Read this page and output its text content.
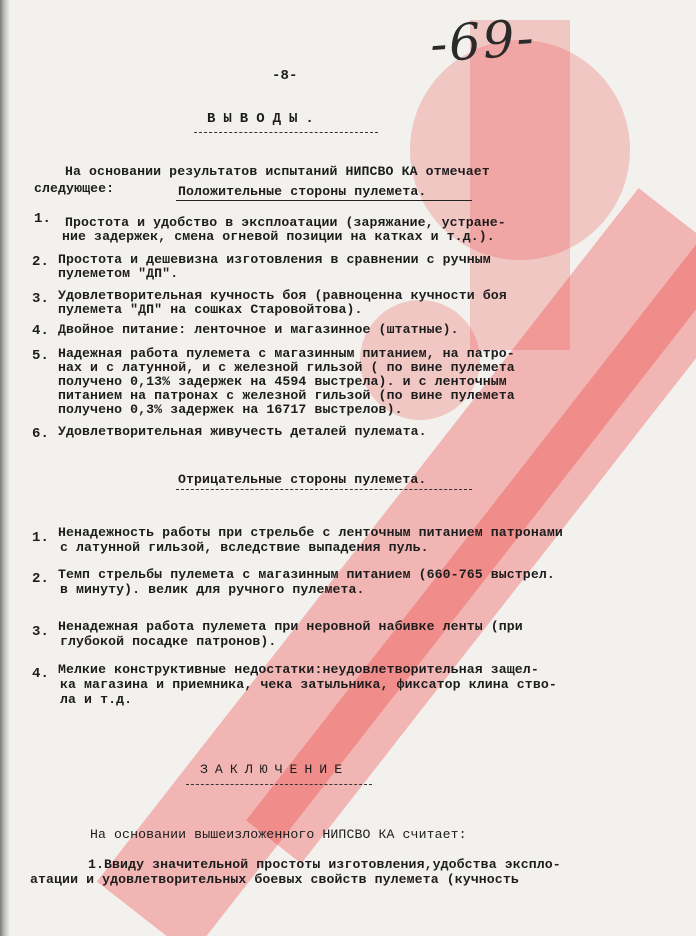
-69-
-8-
ВЫВОДЫ.
На основании результатов испытаний НИПСВО КА отмечает
следующее:	Положительные стороны пулемета.
1. Простота и удобство в эксплоатации (заряжание, устране-
ние задержек, смена огневой позиции на катках и т.д.).
2. Простота и дешевизна изготовления в сравнении с ручным
пулеметом "ДП".
3. Удовлетворительная кучность боя (равноценна кучности боя
пулемета "ДП" на сошках Старовойтова).
4. Двойное питание: ленточное и магазинное (штатные).
5. Надежная работа пулемета с магазинным питанием, на патро-
нах и с латунной, и с железной гильзой ( по вине пулемета
получено 0,13% задержек на 4594 выстрела). и с ленточным
питанием на патронах с железной гильзой (по вине пулемета
получено 0,3% задержек на 16717 выстрелов).
6. Удовлетворительная живучесть деталей пулемата.
Отрицательные стороны пулемета.
1. Ненадежность работы при стрельбе с ленточным питанием патронами
с латунной гильзой, вследствие выпадения пуль.
2. Темп стрельбы пулемета с магазинным питанием (660-765 выстрел.
в минуту). велик для ручного пулемета.
3. Ненадежная работа пулемета при неровной набивке ленты (при
глубокой посадке патронов).
4. Мелкие конструктивные недостатки:неудовлетворительная защел-
ка магазина и приемника, чека затыльника, фиксатор клина ство-
ла и т.д.
ЗАКЛЮЧЕНИЕ
На основании вышеизложенного НИПСВО КА считает:
1.Ввиду значительной простоты изготовления,удобства эксплo-
атации и удовлетворительных боевых свойств пулемета (кучность
